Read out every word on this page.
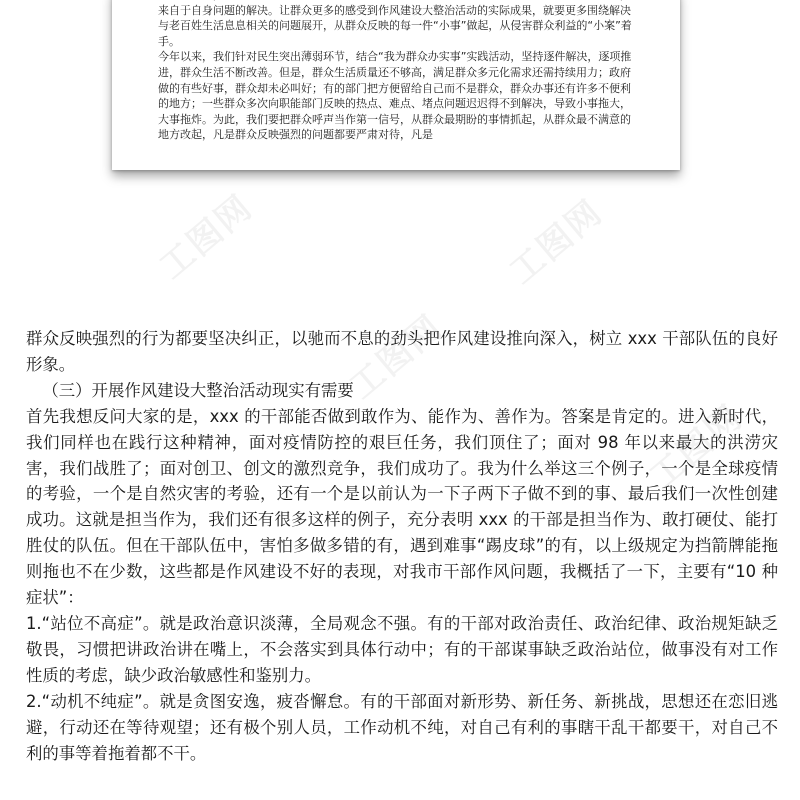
来自于自身问题的解决。让群众更多的感受到作风建设大整治活动的实际成果，就要更多围绕解决与老百姓生活息息相关的问题展开，从群众反映的每一件“小事”做起，从侵害群众利益的“小案”着手。

今年以来，我们针对民生突出薄弱环节，结合“我为群众办实事”实践活动，坚持逐件解决，逐项推进，群众生活不断改善。但是，群众生活质量还不够高，满足群众多元化需求还需持续用力；政府做的有些好事，群众却未必叫好；有的部门把方便留给自己而不是群众，群众办事还有许多不便利的地方；一些群众多次向职能部门反映的热点、难点、堵点问题迟迟得不到解决，导致小事拖大，大事拖炸。为此，我们要把群众呼声当作第一信号，从群众最期盼的事情抓起，从群众最不满意的地方改起，凡是群众反映强烈的问题都要严肃对待，凡是

工图网
工图网
工图网
工图网

群众反映强烈的行为都要坚决纠正，以驰而不息的劲头把作风建设推向深入，树立 xxx 干部队伍的良好形象。

（三）开展作风建设大整治活动现实有需要

首先我想反问大家的是，xxx 的干部能否做到敢作为、能作为、善作为。答案是肯定的。进入新时代，我们同样也在践行这种精神，面对疫情防控的艰巨任务，我们顶住了；面对 98 年以来最大的洪涝灾害，我们战胜了；面对创卫、创文的激烈竞争，我们成功了。我为什么举这三个例子，一个是全球疫情的考验，一个是自然灾害的考验，还有一个是以前认为一下子两下子做不到的事、最后我们一次性创建成功。这就是担当作为，我们还有很多这样的例子，充分表明 xxx 的干部是担当作为、敢打硬仗、能打胜仗的队伍。但在干部队伍中，害怕多做多错的有，遇到难事“踢皮球”的有，以上级规定为挡箭牌能拖则拖也不在少数，这些都是作风建设不好的表现，对我市干部作风问题，我概括了一下，主要有“10 种症状”：

1.“站位不高症”。就是政治意识淡薄，全局观念不强。有的干部对政治责任、政治纪律、政治规矩缺乏敬畏，习惯把讲政治讲在嘴上，不会落实到具体行动中；有的干部谋事缺乏政治站位，做事没有对工作性质的考虑，缺少政治敏感性和鉴别力。

2.“动机不纯症”。就是贪图安逸，疲沓懈怠。有的干部面对新形势、新任务、新挑战，思想还在恋旧逃避，行动还在等待观望；还有极个别人员，工作动机不纯，对自己有利的事瞎干乱干都要干，对自己不利的事等着拖着都不干。
